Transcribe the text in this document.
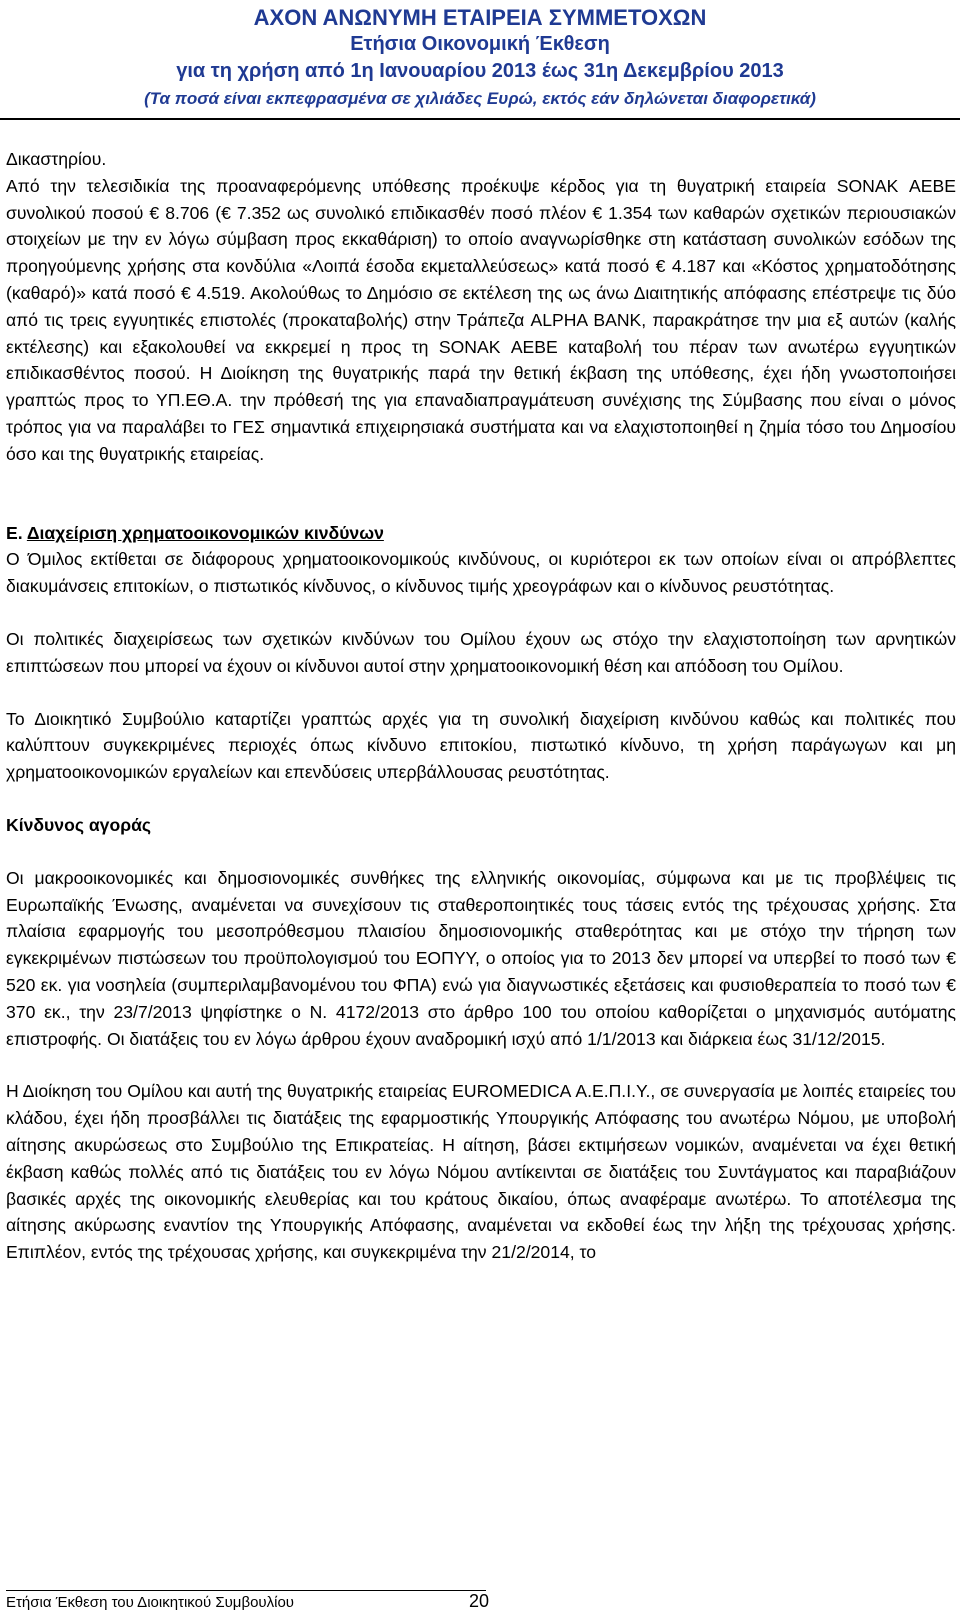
ΑΧΟΝ ΑΝΩΝΥΜΗ ΕΤΑΙΡΕΙΑ ΣΥΜΜΕΤΟΧΩΝ
Ετήσια Οικονομική Έκθεση
για τη χρήση από 1η Ιανουαρίου 2013 έως 31η Δεκεμβρίου 2013
(Τα ποσά είναι εκπεφρασμένα σε χιλιάδες Ευρώ, εκτός εάν δηλώνεται διαφορετικά)

Δικαστηρίου.

Από την τελεσιδικία της προαναφερόμενης υπόθεσης προέκυψε κέρδος για τη θυγατρική εταιρεία SONAK ΑΕΒΕ συνολικού ποσού € 8.706 (€ 7.352 ως συνολικό επιδικασθέν ποσό πλέον € 1.354 των καθαρών σχετικών περιουσιακών στοιχείων με την εν λόγω σύμβαση προς εκκαθάριση) το οποίο αναγνωρίσθηκε στη κατάσταση συνολικών εσόδων της προηγούμενης χρήσης στα κονδύλια «Λοιπά έσοδα εκμεταλλεύσεως» κατά ποσό € 4.187 και «Κόστος χρηματοδότησης (καθαρό)» κατά ποσό € 4.519. Ακολούθως το Δημόσιο σε εκτέλεση της ως άνω Διαιτητικής απόφασης επέστρεψε τις δύο από τις τρεις εγγυητικές επιστολές (προκαταβολής) στην Τράπεζα ALPHA BANK, παρακράτησε την μια εξ αυτών (καλής εκτέλεσης) και εξακολουθεί να εκκρεμεί η προς τη SONAK ΑΕΒΕ καταβολή του πέραν των ανωτέρω εγγυητικών επιδικασθέντος ποσού. Η Διοίκηση της θυγατρικής παρά την θετική έκβαση της υπόθεσης, έχει ήδη γνωστοποιήσει γραπτώς προς το ΥΠ.ΕΘ.Α. την πρόθεσή της για επαναδιαπραγμάτευση συνέχισης της Σύμβασης που είναι ο μόνος τρόπος για να παραλάβει το ΓΕΣ σημαντικά επιχειρησιακά συστήματα και να ελαχιστοποιηθεί η ζημία τόσο του Δημοσίου όσο και της θυγατρικής εταιρείας.

Ε. Διαχείριση χρηματοοικονομικών κινδύνων

Ο Όμιλος εκτίθεται σε διάφορους χρηματοοικονομικούς κινδύνους, οι κυριότεροι εκ των οποίων είναι οι απρόβλεπτες διακυμάνσεις επιτοκίων, ο πιστωτικός κίνδυνος, ο κίνδυνος τιμής χρεογράφων και ο κίνδυνος ρευστότητας.

Οι πολιτικές διαχειρίσεως των σχετικών κινδύνων του Ομίλου έχουν ως στόχο την ελαχιστοποίηση των αρνητικών επιπτώσεων που μπορεί να έχουν οι κίνδυνοι αυτοί στην χρηματοοικονομική θέση και απόδοση του Ομίλου.

Το Διοικητικό Συμβούλιο καταρτίζει γραπτώς αρχές για τη συνολική διαχείριση κινδύνου καθώς και πολιτικές που καλύπτουν συγκεκριμένες περιοχές όπως κίνδυνο επιτοκίου, πιστωτικό κίνδυνο, τη χρήση παράγωγων και μη χρηματοοικονομικών εργαλείων και επενδύσεις υπερβάλλουσας ρευστότητας.

Κίνδυνος αγοράς

Οι μακροοικονομικές και δημοσιονομικές συνθήκες της ελληνικής οικονομίας, σύμφωνα και με τις προβλέψεις τις Ευρωπαϊκής Ένωσης, αναμένεται να συνεχίσουν τις σταθεροποιητικές τους τάσεις εντός της τρέχουσας χρήσης. Στα πλαίσια εφαρμογής του μεσοπρόθεσμου πλαισίου δημοσιονομικής σταθερότητας και με στόχο την τήρηση των εγκεκριμένων πιστώσεων του προϋπολογισμού του ΕΟΠΥΥ, ο οποίος για το 2013 δεν μπορεί να υπερβεί το ποσό των € 520 εκ. για νοσηλεία (συμπεριλαμβανομένου του ΦΠΑ) ενώ για διαγνωστικές εξετάσεις και φυσιοθεραπεία το ποσό των € 370 εκ., την 23/7/2013 ψηφίστηκε ο Ν. 4172/2013 στο άρθρο 100 του οποίου καθορίζεται ο μηχανισμός αυτόματης επιστροφής. Οι διατάξεις του εν λόγω άρθρου έχουν αναδρομική ισχύ από 1/1/2013 και διάρκεια έως 31/12/2015.

Η Διοίκηση του Ομίλου και αυτή της θυγατρικής εταιρείας EUROMEDICA Α.Ε.Π.Ι.Υ., σε συνεργασία με λοιπές εταιρείες του κλάδου, έχει ήδη προσβάλλει τις διατάξεις της εφαρμοστικής Υπουργικής Απόφασης του ανωτέρω Νόμου, με υποβολή αίτησης ακυρώσεως στο Συμβούλιο της Επικρατείας. Η αίτηση, βάσει εκτιμήσεων νομικών, αναμένεται να έχει θετική έκβαση καθώς πολλές από τις διατάξεις του εν λόγω Νόμου αντίκεινται σε διατάξεις του Συντάγματος και παραβιάζουν βασικές αρχές της οικονομικής ελευθερίας και του κράτους δικαίου, όπως αναφέραμε ανωτέρω. Το αποτέλεσμα της αίτησης ακύρωσης εναντίον της Υπουργικής Απόφασης, αναμένεται να εκδοθεί έως την λήξη της τρέχουσας χρήσης. Επιπλέον, εντός της τρέχουσας χρήσης, και συγκεκριμένα την 21/2/2014, το

Ετήσια Έκθεση του Διοικητικού Συμβουλίου	20
